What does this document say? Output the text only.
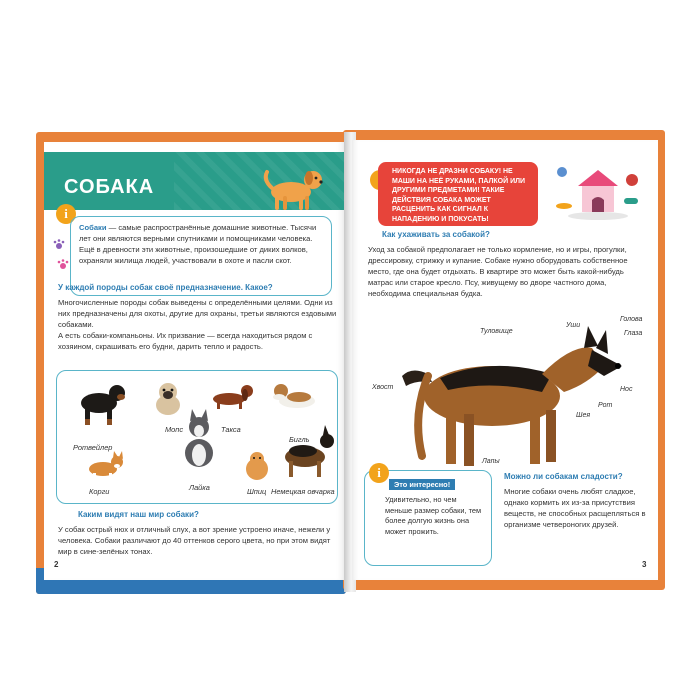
СОБАКА
i
Собаки — самые распространённые домашние животные. Тысячи лет они являются верными спутниками и помощниками человека. Ещё в древности эти животные, произошедшие от диких волков, охраняли жилища людей, участвовали в охоте и пасли скот.
У каждой породы собак своё предназначение. Какое?
Многочисленные породы собак выведены с определёнными целями. Одни из них предназначены для охоты, другие для охраны, третьи являются ездовыми собаками.
А есть собаки-компаньоны. Их призвание — всегда находиться рядом с хозяином, скрашивать его будни, дарить тепло и радость.
Ротвейлер
Мопс	Такса
Бигль
Лайка
Корги	Шпиц Немецкая овчарка
Каким видят наш мир собаки?
У собак острый нюх и отличный слух, а вот зрение устроено иначе, нежели у человека. Собаки различают до 40 оттенков серого цвета, но при этом видят мир в сине-зелёных тонах.
2
НИКОГДА НЕ ДРАЗНИ СОБАКУ! НЕ МАШИ НА НЕЁ РУКАМИ, ПАЛКОЙ ИЛИ ДРУГИМИ ПРЕДМЕТАМИ! ТАКИЕ ДЕЙСТВИЯ СОБАКА МОЖЕТ РАСЦЕНИТЬ КАК СИГНАЛ К НАПАДЕНИЮ И ПОКУСАТЬ!
Как ухаживать за собакой?
Уход за собакой предполагает не только кормление, но и игры, прогулки, дрессировку, стрижку и купание. Собаке нужно оборудовать собственное место, где она будет отдыхать. В квартире это может быть какой-нибудь матрас или старое кресло. Псу, живущему во дворе частного дома, необходима специальная будка.
Туловище
Уши
Голова
Глаза
Хвост	Нос
Рот
Шея
Лапы
i
Это интересно!
Удивительно, но чем меньше размер собаки, тем более долгую жизнь она может прожить.
Можно ли собакам сладости?
Многие собаки очень любят сладкое, однако кормить их из-за присутствия веществ, не способных расщепляться в организме четвероногих друзей.
3
